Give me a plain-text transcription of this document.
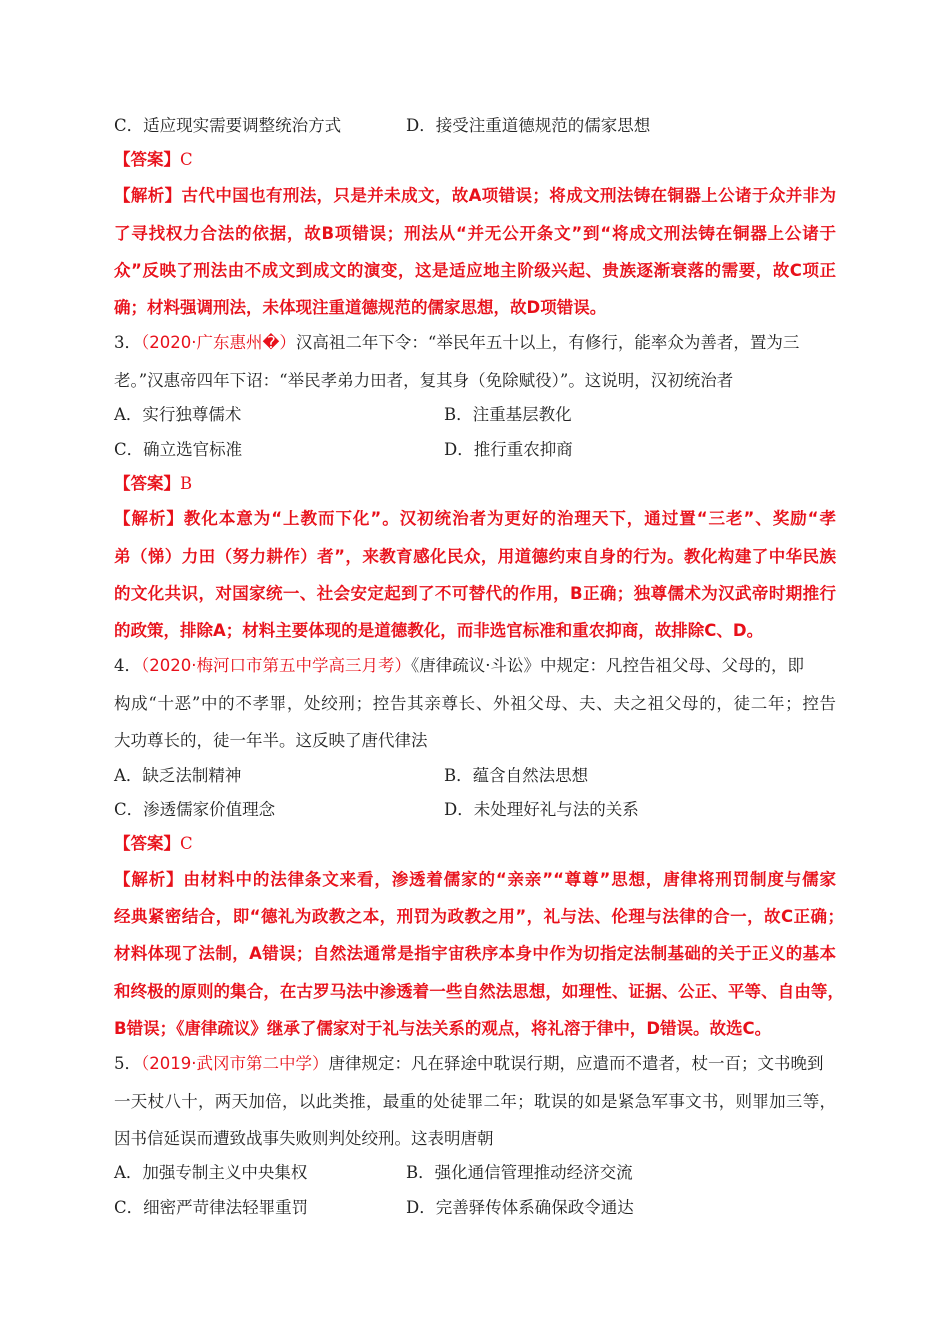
C．适应现实需要调整统治方式	D．接受注重道德规范的儒家思想
【答案】C
【解析】古代中国也有刑法，只是并未成文，故A项错误；将成文刑法铸在铜器上公诸于众并非为
了寻找权力合法的依据，故B项错误；刑法从“并无公开条文”到“将成文刑法铸在铜器上公诸于
众”反映了刑法由不成文到成文的演变，这是适应地主阶级兴起、贵族逐渐衰落的需要，故C项正
确；材料强调刑法，未体现注重道德规范的儒家思想，故D项错误。
3．（2020·广东惠州�）汉高祖二年下令：“举民年五十以上，有修行，能率众为善者，置为三
老。”汉惠帝四年下诏：“举民孝弟力田者，复其身（免除赋役）”。这说明，汉初统治者
A．实行独尊儒术	B．注重基层教化
C．确立选官标准	D．推行重农抑商
【答案】B
【解析】教化本意为“上教而下化”。汉初统治者为更好的治理天下，通过置“三老”、奖励“孝
弟（悌）力田（努力耕作）者”，来教育感化民众，用道德约束自身的行为。教化构建了中华民族
的文化共识，对国家统一、社会安定起到了不可替代的作用，B正确；独尊儒术为汉武帝时期推行
的政策，排除A；材料主要体现的是道德教化，而非选官标准和重农抑商，故排除C、D。
4．（2020·梅河口市第五中学高三月考）《唐律疏议·斗讼》中规定：凡控告祖父母、父母的，即
构成“十恶”中的不孝罪，处绞刑；控告其亲尊长、外祖父母、夫、夫之祖父母的，徒二年；控告
大功尊长的，徒一年半。这反映了唐代律法
A．缺乏法制精神	B．蕴含自然法思想
C．渗透儒家价值理念	D．未处理好礼与法的关系
【答案】C
【解析】由材料中的法律条文来看，渗透着儒家的“亲亲”“尊尊”思想，唐律将刑罚制度与儒家
经典紧密结合，即“德礼为政教之本，刑罚为政教之用”，礼与法、伦理与法律的合一，故C正确；
材料体现了法制，A错误；自然法通常是指宇宙秩序本身中作为切指定法制基础的关于正义的基本
和终极的原则的集合，在古罗马法中渗透着一些自然法思想，如理性、证据、公正、平等、自由等，
B错误；《唐律疏议》继承了儒家对于礼与法关系的观点，将礼溶于律中，D错误。故选C。
5．（2019·武冈市第二中学）唐律规定：凡在驿途中耽误行期，应遣而不遣者，杖一百；文书晚到
一天杖八十，两天加倍，以此类推，最重的处徒罪二年；耽误的如是紧急军事文书，则罪加三等，
因书信延误而遭致战事失败则判处绞刑。这表明唐朝
A．加强专制主义中央集权	B．强化通信管理推动经济交流
C．细密严苛律法轻罪重罚	D．完善驿传体系确保政令通达
